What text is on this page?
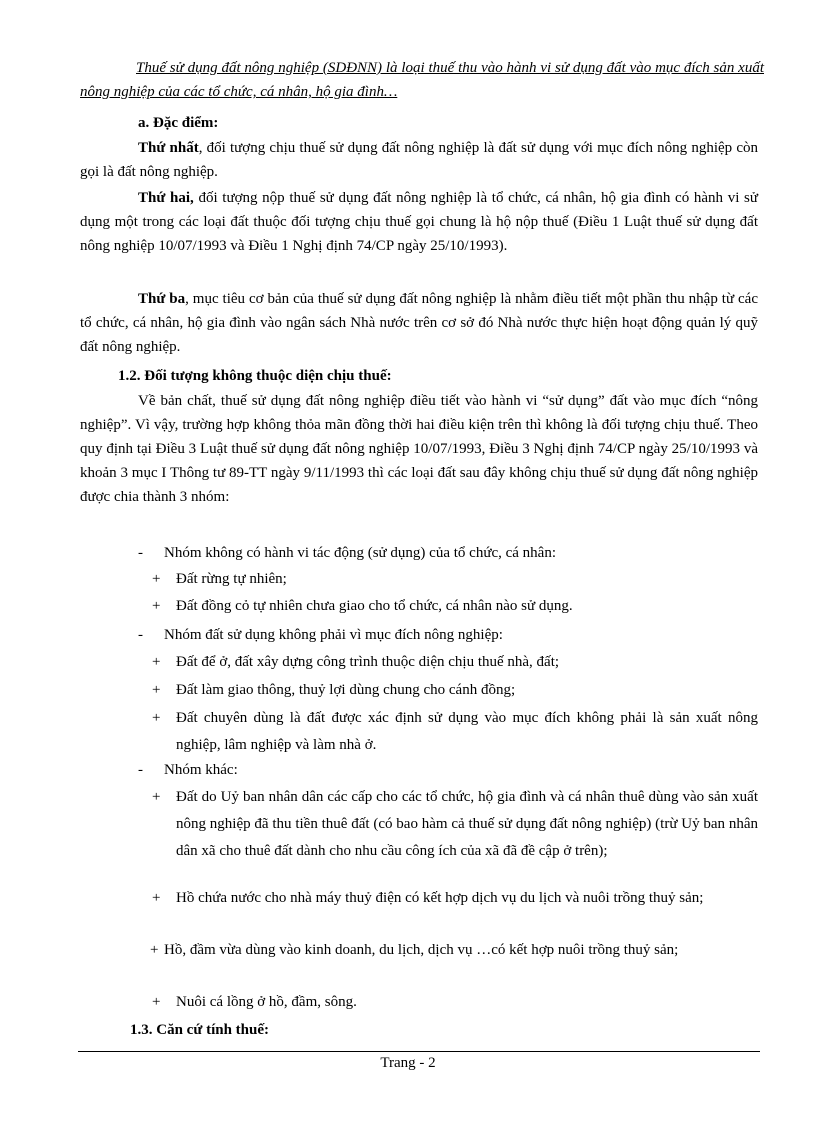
Thuế sử dụng đất nông nghiệp (SDĐNN) là loại thuế thu vào hành vi sử dụng đất vào mục đích sản xuất nông nghiệp của các tổ chức, cá nhân, hộ gia đình…
a. Đặc điểm:

Thứ nhất, đối tượng chịu thuế sử dụng đất nông nghiệp là đất sử dụng với mục đích nông nghiệp còn gọi là đất nông nghiệp.

Thứ hai, đối tượng nộp thuế sử dụng đất nông nghiệp là tổ chức, cá nhân, hộ gia đình có hành vi sử dụng một trong các loại đất thuộc đối tượng chịu thuế gọi chung là hộ nộp thuế (Điều 1 Luật thuế sử dụng đất nông nghiệp 10/07/1993 và Điều 1 Nghị định 74/CP ngày 25/10/1993).

Thứ ba, mục tiêu cơ bản của thuế sử dụng đất nông nghiệp là nhằm điều tiết một phần thu nhập từ các tổ chức, cá nhân, hộ gia đình vào ngân sách Nhà nước trên cơ sở đó Nhà nước thực hiện hoạt động quản lý quỹ đất nông nghiệp.

1.2. Đối tượng không thuộc diện chịu thuế:

Về bản chất, thuế sử dụng đất nông nghiệp điều tiết vào hành vi “sử dụng” đất vào mục đích “nông nghiệp”. Vì vậy, trường hợp không thỏa mãn đồng thời hai điều kiện trên thì không là đối tượng chịu thuế. Theo quy định tại Điều 3 Luật thuế sử dụng đất nông nghiệp 10/07/1993, Điều 3 Nghị định 74/CP ngày 25/10/1993 và khoản 3 mục I Thông tư 89-TT ngày 9/11/1993 thì các loại đất sau đây không chịu thuế sử dụng đất nông nghiệp được chia thành 3 nhóm:

- Nhóm không có hành vi tác động (sử dụng) của tổ chức, cá nhân:
+ Đất rừng tự nhiên;
+ Đất đồng cỏ tự nhiên chưa giao cho tổ chức, cá nhân nào sử dụng.
- Nhóm đất sử dụng không phải vì mục đích nông nghiệp:
+ Đất để ở, đất xây dựng công trình thuộc diện chịu thuế nhà, đất;
+ Đất làm giao thông, thuỷ lợi dùng chung cho cánh đồng;
+ Đất chuyên dùng là đất được xác định sử dụng vào mục đích không phải là sản xuất nông nghiệp, lâm nghiệp và làm nhà ở.
- Nhóm khác:
+ Đất do Uỷ ban nhân dân các cấp cho các tổ chức, hộ gia đình và cá nhân thuê dùng vào sản xuất nông nghiệp đã thu tiền thuê đất (có bao hàm cả thuế sử dụng đất nông nghiệp) (trừ Uỷ ban nhân dân xã cho thuê đất dành cho nhu cầu công ích của xã đã đề cập ở trên);
+ Hồ chứa nước cho nhà máy thuỷ điện có kết hợp dịch vụ du lịch và nuôi trồng thuỷ sản;
+ Hồ, đầm vừa dùng vào kinh doanh, du lịch, dịch vụ …có kết hợp nuôi trồng thuỷ sản;
+ Nuôi cá lồng ở hồ, đầm, sông.
1.3. Căn cứ tính thuế:
Trang - 2
